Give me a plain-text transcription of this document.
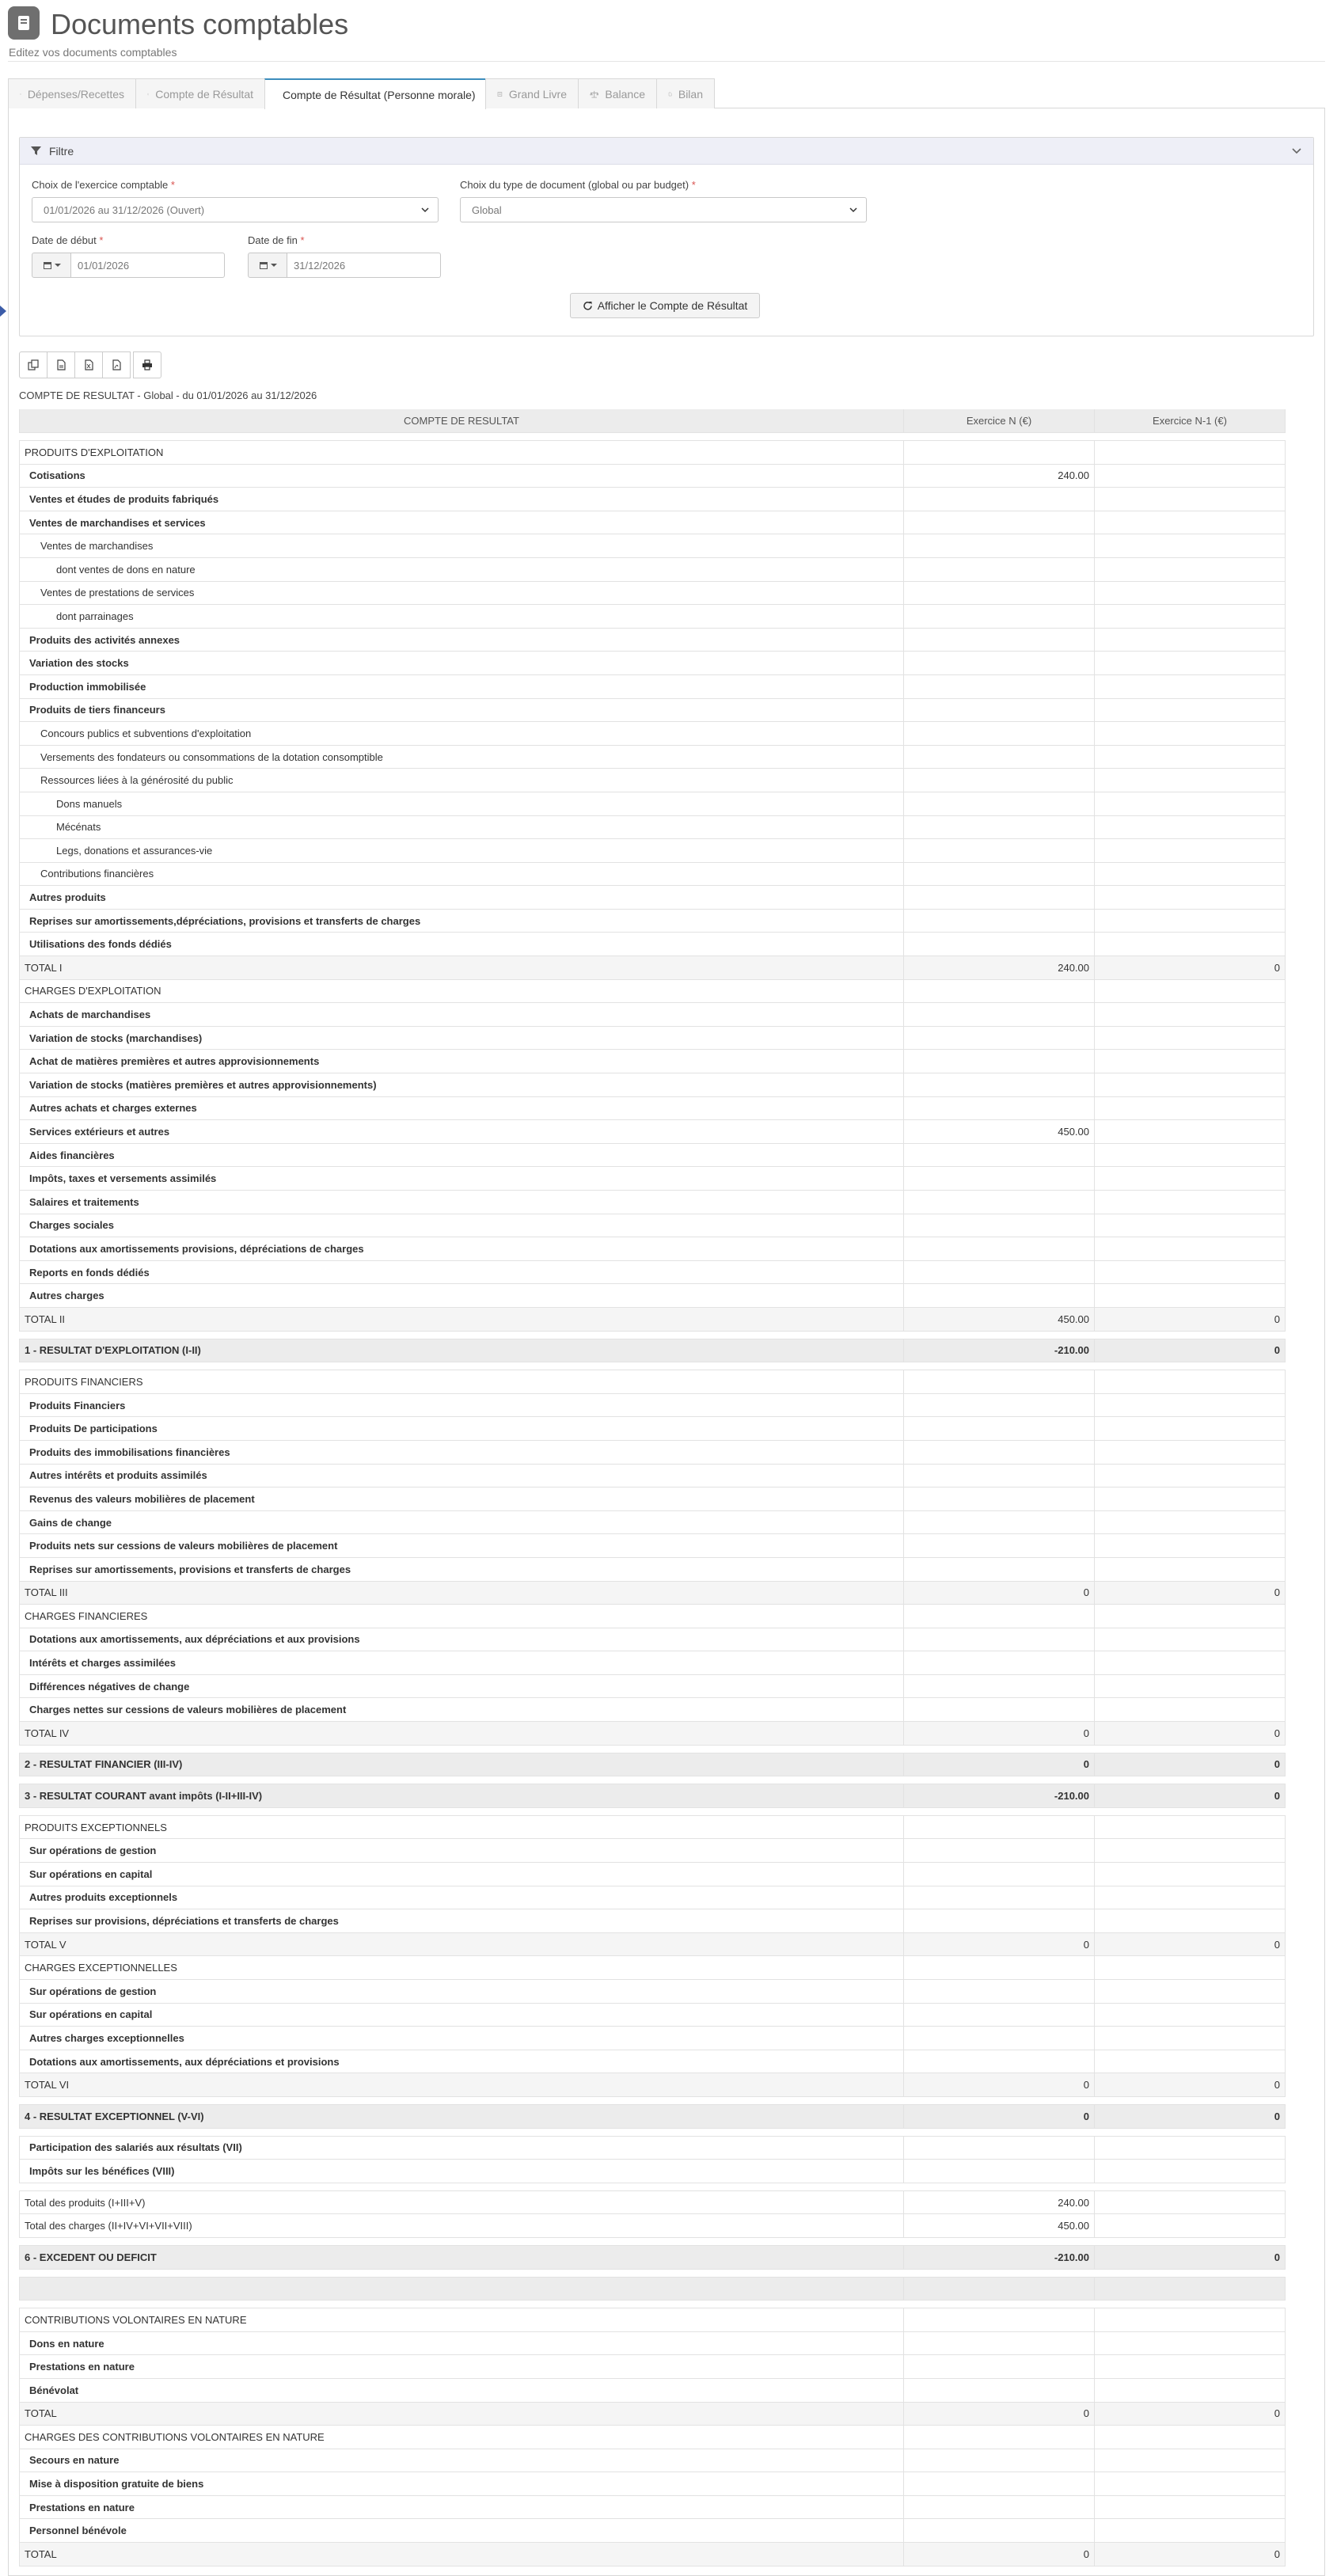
Documents comptables
Editez vos documents comptables
Dépenses/Recettes	Compte de Résultat	Compte de Résultat (Personne morale)	Grand Livre	Balance	Bilan
Filtre
Choix de l'exercice comptable *
01/01/2026 au 31/12/2026 (Ouvert)
Choix du type de document (global ou par budget) *
Global
Date de début *
01/01/2026
Date de fin *
31/12/2026
Afficher le Compte de Résultat
COMPTE DE RESULTAT - Global - du 01/01/2026 au 31/12/2026
COMPTE DE RESULTAT	Exercice N (€)	Exercice N-1 (€)
PRODUITS D'EXPLOITATION
Cotisations	240.00
Ventes et études de produits fabriqués
Ventes de marchandises et services
Ventes de marchandises
dont ventes de dons en nature
Ventes de prestations de services
dont parrainages
Produits des activités annexes
Variation des stocks
Production immobilisée
Produits de tiers financeurs
Concours publics et subventions d'exploitation
Versements des fondateurs ou consommations de la dotation consomptible
Ressources liées à la générosité du public
Dons manuels
Mécénats
Legs, donations et assurances-vie
Contributions financières
Autres produits
Reprises sur amortissements,dépréciations, provisions et transferts de charges
Utilisations des fonds dédiés
TOTAL I	240.00	0
CHARGES D'EXPLOITATION
Achats de marchandises
Variation de stocks (marchandises)
Achat de matières premières et autres approvisionnements
Variation de stocks (matières premières et autres approvisionnements)
Autres achats et charges externes
Services extérieurs et autres	450.00
Aides financières
Impôts, taxes et versements assimilés
Salaires et traitements
Charges sociales
Dotations aux amortissements provisions, dépréciations de charges
Reports en fonds dédiés
Autres charges
TOTAL II	450.00	0
1 - RESULTAT D'EXPLOITATION (I-II)	-210.00	0
PRODUITS FINANCIERS
Produits Financiers
Produits De participations
Produits des immobilisations financières
Autres intérêts et produits assimilés
Revenus des valeurs mobilières de placement
Gains de change
Produits nets sur cessions de valeurs mobilières de placement
Reprises sur amortissements, provisions et transferts de charges
TOTAL III	0	0
CHARGES FINANCIERES
Dotations aux amortissements, aux dépréciations et aux provisions
Intérêts et charges assimilées
Différences négatives de change
Charges nettes sur cessions de valeurs mobilières de placement
TOTAL IV	0	0
2 - RESULTAT FINANCIER (III-IV)	0	0
3 - RESULTAT COURANT avant impôts (I-II+III-IV)	-210.00	0
PRODUITS EXCEPTIONNELS
Sur opérations de gestion
Sur opérations en capital
Autres produits exceptionnels
Reprises sur provisions, dépréciations et transferts de charges
TOTAL V	0	0
CHARGES EXCEPTIONNELLES
Sur opérations de gestion
Sur opérations en capital
Autres charges exceptionnelles
Dotations aux amortissements, aux dépréciations et provisions
TOTAL VI	0	0
4 - RESULTAT EXCEPTIONNEL (V-VI)	0	0
Participation des salariés aux résultats (VII)
Impôts sur les bénéfices (VIII)
Total des produits (I+III+V)	240.00
Total des charges (II+IV+VI+VII+VIII)	450.00
6 - EXCEDENT OU DEFICIT	-210.00	0
CONTRIBUTIONS VOLONTAIRES EN NATURE
Dons en nature
Prestations en nature
Bénévolat
TOTAL	0	0
CHARGES DES CONTRIBUTIONS VOLONTAIRES EN NATURE
Secours en nature
Mise à disposition gratuite de biens
Prestations en nature
Personnel bénévole
TOTAL	0	0
